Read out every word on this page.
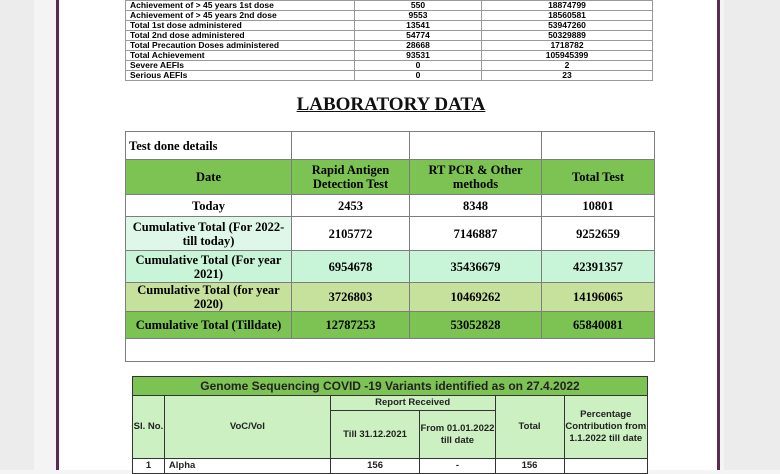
Achievement of > 45 years 1st dose	550	18874799
Achievement of > 45 years 2nd dose	9553	18560581
Total 1st dose administered	13541	53947260
Total 2nd dose administered	54774	50329889
Total Precaution Doses administered	28668	1718782
Total Achievement	93531	105945399
Severe AEFIs	0	2
Serious AEFIs	0	23
LABORATORY DATA
Test done details			
Date	Rapid Antigen Detection Test	RT PCR & Other methods	Total Test
Today	2453	8348	10801
Cumulative Total (For 2022- till today)	2105772	7146887	9252659
Cumulative Total (For year 2021)	6954678	35436679	42391357
Cumulative Total (for year 2020)	3726803	10469262	14196065
Cumulative Total (Tilldate)	12787253	53052828	65840081

Genome Sequencing COVID -19 Variants identified as on 27.4.2022					
Sl. No.	VoC/VoI	Report Received		Total	Percentage Contribution from 1.1.2022 till date
		Till 31.12.2021	From 01.01.2022 till date		
1	Alpha	156	-	156	
